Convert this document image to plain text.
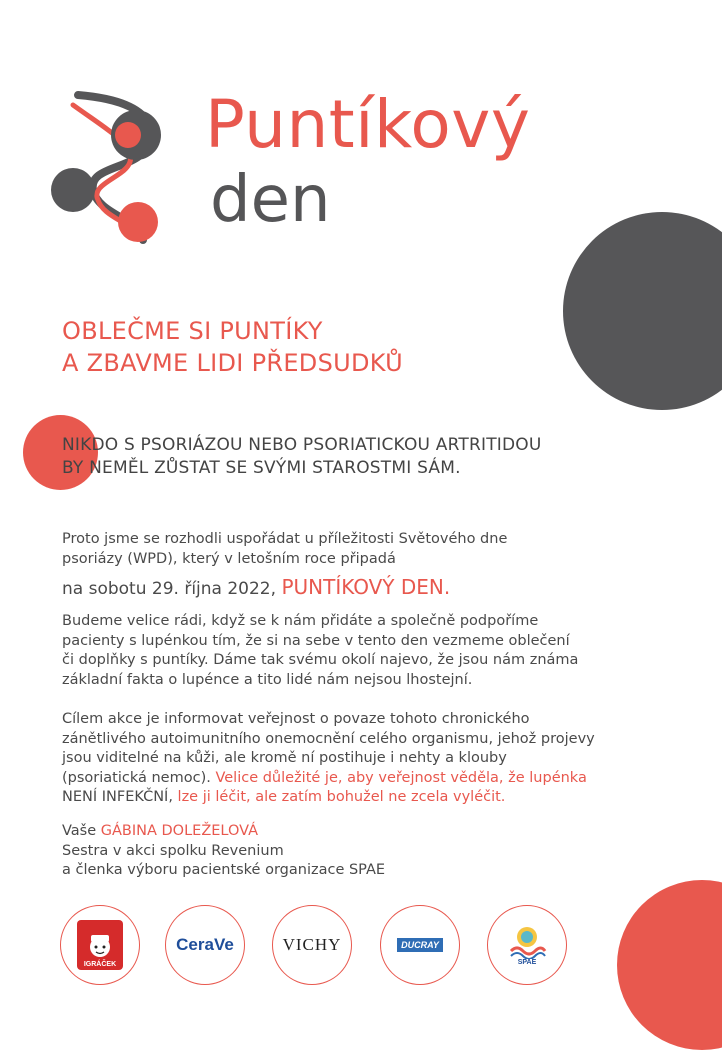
Puntíkový
den
OBLEČME SI PUNTÍKY
A ZBAVME LIDI PŘEDSUDKŮ
NIKDO S PSORIÁZOU NEBO PSORIATICKOU ARTRITIDOU
BY NEMĚL ZŮSTAT SE SVÝMI STAROSTMI SÁM.
Proto jsme se rozhodli uspořádat u příležitosti Světového dne
psoriázy (WPD), který v letošním roce připadá
na sobotu 29. října 2022, PUNTÍKOVÝ DEN.
Budeme velice rádi, když se k nám přidáte a společně podpoříme
pacienty s lupénkou tím, že si na sebe v tento den vezmeme oblečení
či doplňky s puntíky. Dáme tak svému okolí najevo, že jsou nám známa
základní fakta o lupénce a tito lidé nám nejsou lhostejní.
Cílem akce je informovat veřejnost o povaze tohoto chronického
zánětlivého autoimunitního onemocnění celého organismu, jehož projevy
jsou viditelné na kůži, ale kromě ní postihuje i nehty a klouby
(psoriatická nemoc). Velice důležité je, aby veřejnost věděla, že lupénka
NENÍ INFEKČNÍ, lze ji léčit, ale zatím bohužel ne zcela vyléčit.
Vaše GÁBINA DOLEŽELOVÁ
Sestra v akci spolku Revenium
a členka výboru pacientské organizace SPAE
IGRÁČEK
CeraVe	VICHY	DUCRAY
SPAE
